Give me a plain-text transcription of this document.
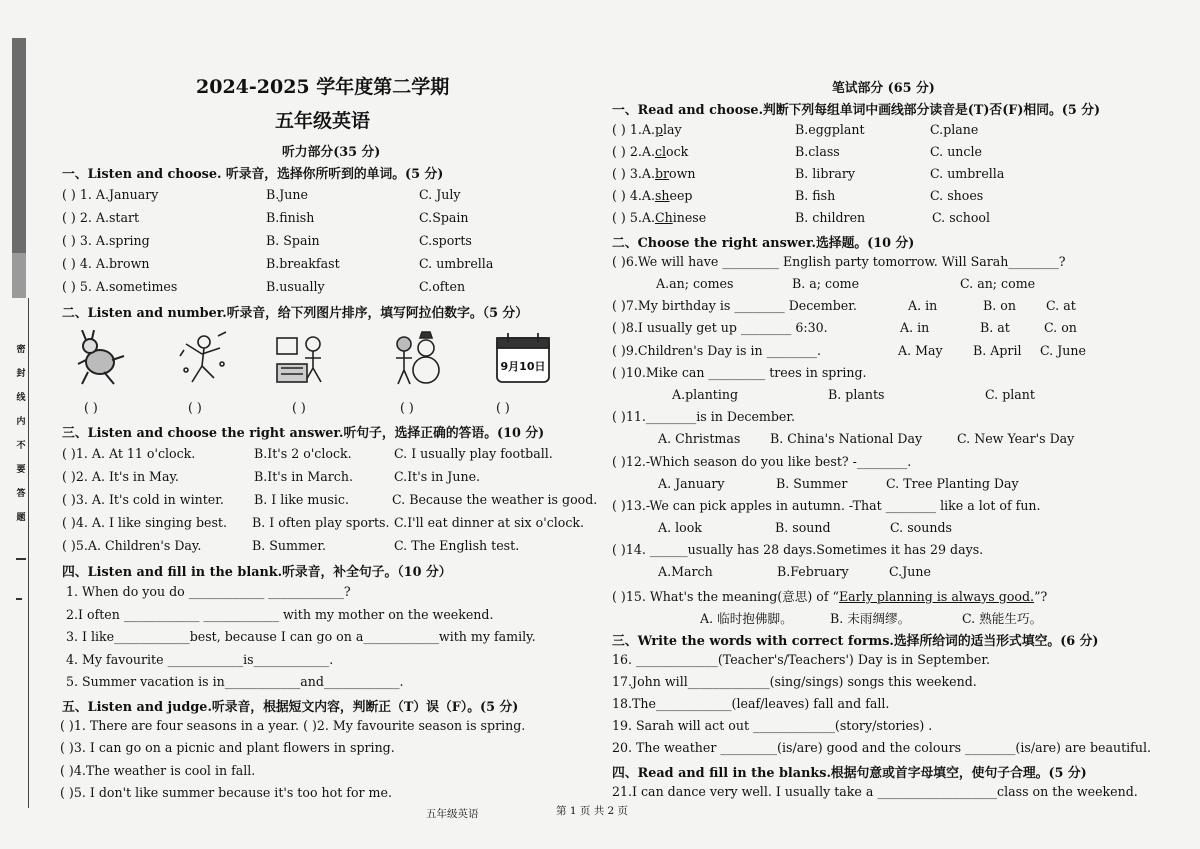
密封线内不要答题
2024-2025 学年度第二学期
五年级英语
听力部分(35 分)
一、Listen and choose. 听录音，选择你所听到的单词。(5 分)
( ) 1. A.January	B.June	C. July
( ) 2. A.start	B.finish	C.Spain
( ) 3. A.spring	B. Spain	C.sports
( ) 4. A.brown	B.breakfast	C. umbrella
( ) 5. A.sometimes	B.usually	C.often
二、Listen and number.听录音，给下列图片排序，填写阿拉伯数字。（5 分）
9月10日
( )	( )	( )	( )	( )
三、Listen and choose the right answer.听句子，选择正确的答语。(10 分)
( )1. A. At 11 o'clock.	B.It's 2 o'clock.	C. I usually play football.
( )2. A. It's in May.	B.It's in March.	C.It's in June.
( )3. A. It's cold in winter. B. I like music.	C. Because the weather is good.
( )4. A. I like singing best. B. I often play sports. C.I'll eat dinner at six o'clock.
( )5.A. Children's Day.	B. Summer.	C. The English test.
四、Listen and fill in the blank.听录音，补全句子。（10 分）
1. When do you do ____________ ____________?
2.I often ____________ ____________ with my mother on the weekend.
3. I like____________best, because I can go on a____________with my family.
4. My favourite ____________is____________.
5. Summer vacation is in____________and____________.
五、Listen and judge.听录音，根据短文内容，判断正（T）误（F）。(5 分)
( )1. There are four seasons in a year. ( )2. My favourite season is spring.
( )3. I can go on a picnic and plant flowers in spring.
( )4.The weather is cool in fall.
( )5. I don't like summer because it's too hot for me.
笔试部分 (65 分)
一、Read and choose.判断下列每组单词中画线部分读音是(T)否(F)相同。(5 分)
( ) 1.A.play	B.eggplant	C.plane
( ) 2.A.clock	B.class	C. uncle
( ) 3.A.brown	B. library	C. umbrella
( ) 4.A.sheep	B. fish	C. shoes
( ) 5.A.Chinese	B. children	C. school
二、Choose the right answer.选择题。(10 分)
( )6.We will have _________ English party tomorrow. Will Sarah________?
A.an; comes	B. a; come	C. an; come
( )7.My birthday is ________ December.	A. in	B. on C. at
( )8.I usually get up ________ 6:30.	A. in	B. at	C. on
( )9.Children's Day is in ________.	A. May B. April C. June
( )10.Mike can _________ trees in spring.
A.planting	B. plants	C. plant
( )11.________is in December.
A. Christmas B. China's National Day	C. New Year's Day
( )12.-Which season do you like best? -________.
A. January	B. Summer	C. Tree Planting Day
( )13.-We can pick apples in autumn. -That ________ like a lot of fun.
A. look	B. sound	C. sounds
( )14. ______usually has 28 days.Sometimes it has 29 days.
A.March	B.February	C.June
( )15. What's the meaning(意思) of “Early planning is always good.”?
A. 临时抱佛脚。	B. 未雨绸缪。	C. 熟能生巧。
三、Write the words with correct forms.选择所给词的适当形式填空。(6 分)
16. _____________(Teacher's/Teachers') Day is in September.
17.John will_____________(sing/sings) songs this weekend.
18.The____________(leaf/leaves) fall and fall.
19. Sarah will act out _____________(story/stories) .
20. The weather _________(is/are) good and the colours ________(is/are) are beautiful.
四、Read and fill in the blanks.根据句意或首字母填空，使句子合理。(5 分)
21.I can dance very well. I usually take a ___________________class on the weekend.
五年级英语	第 1 页 共 2 页
